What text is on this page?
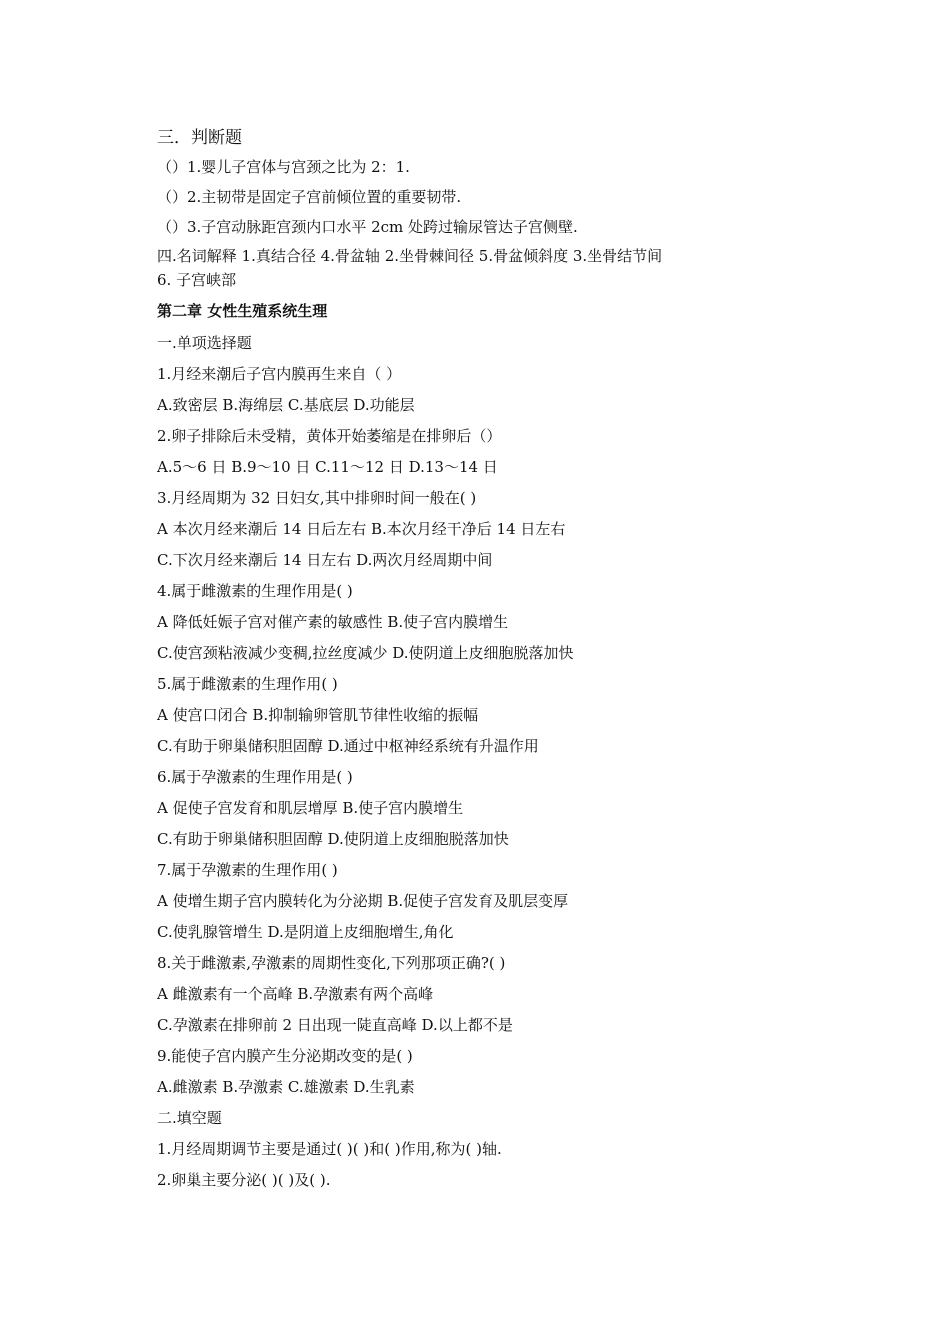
三．判断题
（）1.婴儿子宫体与宫颈之比为 2：1.
（）2.主韧带是固定子宫前倾位置的重要韧带.
（）3.子宫动脉距宫颈内口水平 2cm 处跨过输尿管达子宫侧壁.
四.名词解释 1.真结合径 4.骨盆轴 2.坐骨棘间径 5.骨盆倾斜度 3.坐骨结节间
6. 子宫峡部
第二章 女性生殖系统生理
一.单项选择题
1.月经来潮后子宫内膜再生来自（ ）
A.致密层 B.海绵层 C.基底层 D.功能层
2.卵子排除后未受精，黄体开始萎缩是在排卵后（）
A.5～6 日 B.9～10 日 C.11～12 日 D.13～14 日
3.月经周期为 32 日妇女,其中排卵时间一般在( )
A 本次月经来潮后 14 日后左右 B.本次月经干净后 14 日左右
C.下次月经来潮后 14 日左右 D.两次月经周期中间
4.属于雌激素的生理作用是( )
A 降低妊娠子宫对催产素的敏感性 B.使子宫内膜增生
C.使宫颈粘液减少变稠,拉丝度减少 D.使阴道上皮细胞脱落加快
5.属于雌激素的生理作用( )
A 使宫口闭合 B.抑制输卵管肌节律性收缩的振幅
C.有助于卵巢储积胆固醇 D.通过中枢神经系统有升温作用
6.属于孕激素的生理作用是( )
A 促使子宫发育和肌层增厚 B.使子宫内膜增生
C.有助于卵巢储积胆固醇 D.使阴道上皮细胞脱落加快
7.属于孕激素的生理作用( )
A 使增生期子宫内膜转化为分泌期 B.促使子宫发育及肌层变厚
C.使乳腺管增生 D.是阴道上皮细胞增生,角化
8.关于雌激素,孕激素的周期性变化,下列那项正确?( )
A 雌激素有一个高峰 B.孕激素有两个高峰
C.孕激素在排卵前 2 日出现一陡直高峰 D.以上都不是
9.能使子宫内膜产生分泌期改变的是( )
A.雌激素 B.孕激素 C.雄激素 D.生乳素
二.填空题
1.月经周期调节主要是通过( )( )和( )作用,称为( )轴.
2.卵巢主要分泌( )( )及( ).
